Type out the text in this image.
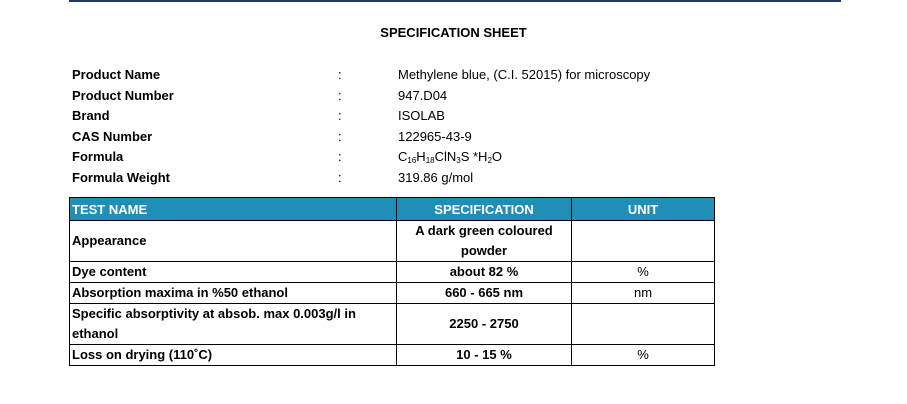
SPECIFICATION SHEET
Product Name	:	Methylene blue, (C.I. 52015) for microscopy
Product Number	:	947.D04
Brand	:	ISOLAB
CAS Number	:	122965-43-9
Formula	:	$C_{16}H_{18}ClN_3S$ $*H_2O$
Formula Weight	:	319.86 g/mol
TEST NAME	SPECIFICATION	UNIT
Appearance	A dark green coloured powder	
Dye content	about 82 %	%
Absorption maxima in %50 ethanol	660 - 665 nm	nm
Specific absorptivity at absob. max 0.003g/l in ethanol	2250 - 2750	
Loss on drying (110˚C)	10 - 15 %	%
